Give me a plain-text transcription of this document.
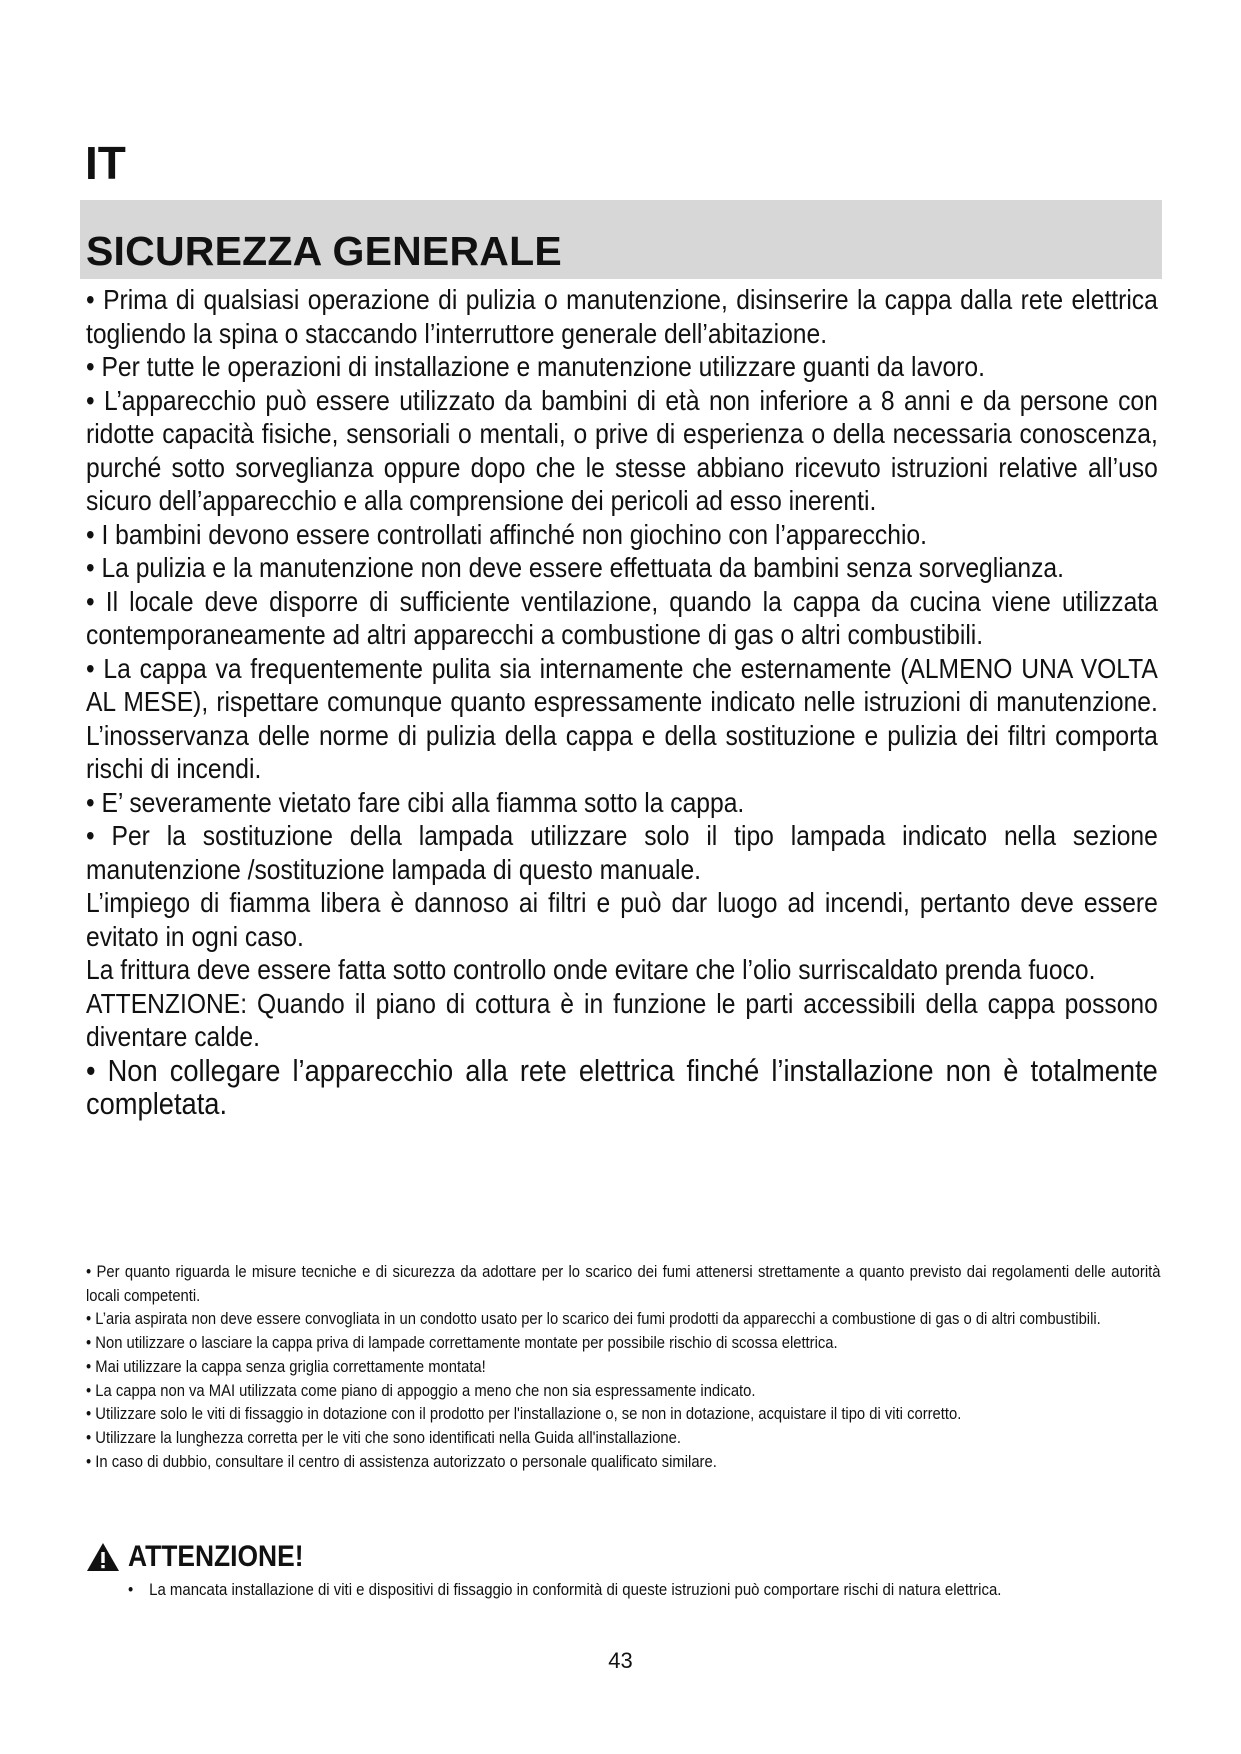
IT
SICUREZZA GENERALE

• Prima di qualsiasi operazione di pulizia o manutenzione, disinserire la cappa dalla rete elettrica togliendo la spina o staccando l’interruttore generale dell’abitazione.

• Per tutte le operazioni di installazione e manutenzione utilizzare guanti da lavoro.

• L’apparecchio può essere utilizzato da bambini di età non inferiore a 8 anni e da persone con ridotte capacità fisiche, sensoriali o mentali, o prive di esperienza o della necessaria conoscenza, purché sotto sorveglianza oppure dopo che le stesse abbiano ricevuto istruzioni relative all’uso sicuro dell’apparecchio e alla comprensione dei pericoli ad esso inerenti.

• I bambini devono essere controllati affinché non giochino con l’apparecchio.

• La pulizia e la manutenzione non deve essere effettuata da bambini senza sorveglianza.

• Il locale deve disporre di sufficiente ventilazione, quando la cappa da cucina viene utilizzata contemporaneamente ad altri apparecchi a combustione di gas o altri combustibili.

• La cappa va frequentemente pulita sia internamente che esternamente (ALMENO UNA VOLTA AL MESE), rispettare comunque quanto espressamente indicato nelle istruzioni di manutenzione. L’inosservanza delle norme di pulizia della cappa e della sostituzione e pulizia dei filtri comporta rischi di incendi.

• E’ severamente vietato fare cibi alla fiamma sotto la cappa.

• Per la sostituzione della lampada utilizzare solo il tipo lampada indicato nella sezione manutenzione /sostituzione lampada di questo manuale.

L’impiego di fiamma libera è dannoso ai filtri e può dar luogo ad incendi, pertanto deve essere evitato in ogni caso.

La frittura deve essere fatta sotto controllo onde evitare che l’olio surriscaldato prenda fuoco.

ATTENZIONE: Quando il piano di cottura è in funzione le parti accessibili della cappa possono diventare calde.

• Non collegare l’apparecchio alla rete elettrica finché l’installazione non è totalmente completata.

• Per quanto riguarda le misure tecniche e di sicurezza da adottare per lo scarico dei fumi attenersi strettamente a quanto previsto dai regolamenti delle autorità locali competenti.

• L’aria aspirata non deve essere convogliata in un condotto usato per lo scarico dei fumi prodotti da apparecchi a combustione di gas o di altri combustibili.

• Non utilizzare o lasciare la cappa priva di lampade correttamente montate per possibile rischio di scossa elettrica.

• Mai utilizzare la cappa senza griglia correttamente montata!

• La cappa non va MAI utilizzata come piano di appoggio a meno che non sia espressamente indicato.

• Utilizzare solo le viti di fissaggio in dotazione con il prodotto per l'installazione o, se non in dotazione, acquistare il tipo di viti corretto.

• Utilizzare la lunghezza corretta per le viti che sono identificati nella Guida all'installazione.

• In caso di dubbio, consultare il centro di assistenza autorizzato o personale qualificato similare.

ATTENZIONE!
• La mancata installazione di viti e dispositivi di fissaggio in conformità di queste istruzioni può comportare rischi di natura elettrica.

43
